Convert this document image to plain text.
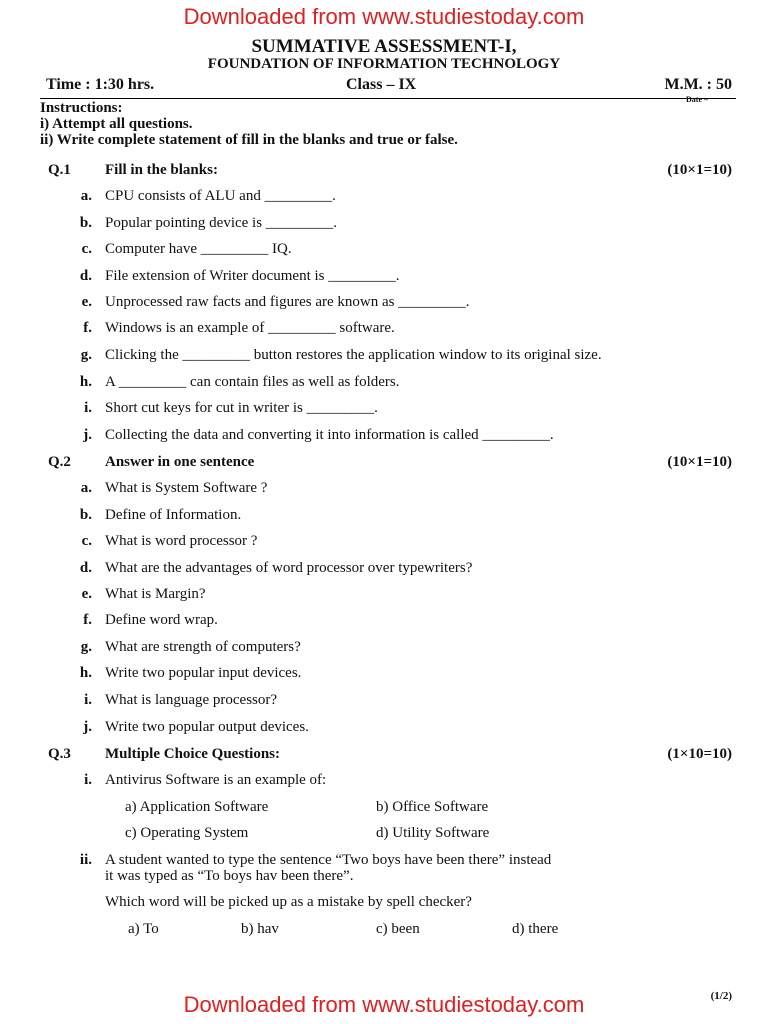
Downloaded from www.studiestoday.com
SUMMATIVE ASSESSMENT-I,
FOUNDATION OF INFORMATION TECHNOLOGY
Time : 1:30 hrs.	Class – IX	M.M. : 50
Date –
Instructions:
i) Attempt all questions.
ii) Write complete statement of fill in the blanks and true or false.
Q.1 Fill in the blanks:	(10×1=10)
a. CPU consists of ALU and _________.
b. Popular pointing device is _________.
c. Computer have _________ IQ.
d. File extension of Writer document is _________.
e. Unprocessed raw facts and figures are known as _________.
f. Windows is an example of _________ software.
g. Clicking the _________ button restores the application window to its original size.
h. A _________ can contain files as well as folders.
i. Short cut keys for cut in writer is _________.
j. Collecting the data and converting it into information is called _________.
Q.2 Answer in one sentence	(10×1=10)
a. What is System Software ?
b. Define of Information.
c. What is word processor ?
d. What are the advantages of word processor over typewriters?
e. What is Margin?
f. Define word wrap.
g. What are strength of computers?
h. Write two popular input devices.
i. What is language processor?
j. Write two popular output devices.
Q.3 Multiple Choice Questions:	(1×10=10)
i. Antivirus Software is an example of:
a) Application Software	b) Office Software
c) Operating System	d) Utility Software
ii. A student wanted to type the sentence “Two boys have been there” instead
it was typed as “To boys hav been there”.
Which word will be picked up as a mistake by spell checker?
a) To	b) hav	c) been	d) there
Downloaded from www.studiestoday.com	(1/2)
